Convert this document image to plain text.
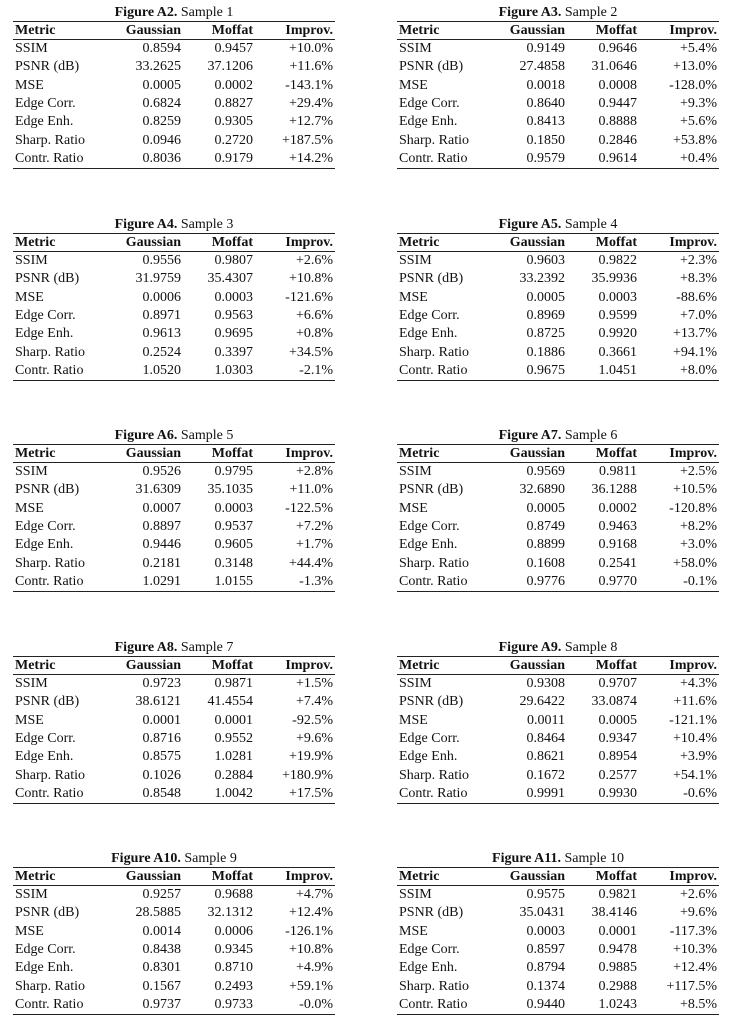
Figure A2. Sample 1
Metric	Gaussian	Moffat	Improv.
SSIM	0.8594	0.9457	+10.0%
PSNR (dB)	33.2625	37.1206	+11.6%
MSE	0.0005	0.0002	-143.1%
Edge Corr.	0.6824	0.8827	+29.4%
Edge Enh.	0.8259	0.9305	+12.7%
Sharp. Ratio	0.0946	0.2720	+187.5%
Contr. Ratio	0.8036	0.9179	+14.2%
Figure A3. Sample 2
Metric	Gaussian	Moffat	Improv.
SSIM	0.9149	0.9646	+5.4%
PSNR (dB)	27.4858	31.0646	+13.0%
MSE	0.0018	0.0008	-128.0%
Edge Corr.	0.8640	0.9447	+9.3%
Edge Enh.	0.8413	0.8888	+5.6%
Sharp. Ratio	0.1850	0.2846	+53.8%
Contr. Ratio	0.9579	0.9614	+0.4%
Figure A4. Sample 3
Metric	Gaussian	Moffat	Improv.
SSIM	0.9556	0.9807	+2.6%
PSNR (dB)	31.9759	35.4307	+10.8%
MSE	0.0006	0.0003	-121.6%
Edge Corr.	0.8971	0.9563	+6.6%
Edge Enh.	0.9613	0.9695	+0.8%
Sharp. Ratio	0.2524	0.3397	+34.5%
Contr. Ratio	1.0520	1.0303	-2.1%
Figure A5. Sample 4
Metric	Gaussian	Moffat	Improv.
SSIM	0.9603	0.9822	+2.3%
PSNR (dB)	33.2392	35.9936	+8.3%
MSE	0.0005	0.0003	-88.6%
Edge Corr.	0.8969	0.9599	+7.0%
Edge Enh.	0.8725	0.9920	+13.7%
Sharp. Ratio	0.1886	0.3661	+94.1%
Contr. Ratio	0.9675	1.0451	+8.0%
Figure A6. Sample 5
Metric	Gaussian	Moffat	Improv.
SSIM	0.9526	0.9795	+2.8%
PSNR (dB)	31.6309	35.1035	+11.0%
MSE	0.0007	0.0003	-122.5%
Edge Corr.	0.8897	0.9537	+7.2%
Edge Enh.	0.9446	0.9605	+1.7%
Sharp. Ratio	0.2181	0.3148	+44.4%
Contr. Ratio	1.0291	1.0155	-1.3%
Figure A7. Sample 6
Metric	Gaussian	Moffat	Improv.
SSIM	0.9569	0.9811	+2.5%
PSNR (dB)	32.6890	36.1288	+10.5%
MSE	0.0005	0.0002	-120.8%
Edge Corr.	0.8749	0.9463	+8.2%
Edge Enh.	0.8899	0.9168	+3.0%
Sharp. Ratio	0.1608	0.2541	+58.0%
Contr. Ratio	0.9776	0.9770	-0.1%
Figure A8. Sample 7
Metric	Gaussian	Moffat	Improv.
SSIM	0.9723	0.9871	+1.5%
PSNR (dB)	38.6121	41.4554	+7.4%
MSE	0.0001	0.0001	-92.5%
Edge Corr.	0.8716	0.9552	+9.6%
Edge Enh.	0.8575	1.0281	+19.9%
Sharp. Ratio	0.1026	0.2884	+180.9%
Contr. Ratio	0.8548	1.0042	+17.5%
Figure A9. Sample 8
Metric	Gaussian	Moffat	Improv.
SSIM	0.9308	0.9707	+4.3%
PSNR (dB)	29.6422	33.0874	+11.6%
MSE	0.0011	0.0005	-121.1%
Edge Corr.	0.8464	0.9347	+10.4%
Edge Enh.	0.8621	0.8954	+3.9%
Sharp. Ratio	0.1672	0.2577	+54.1%
Contr. Ratio	0.9991	0.9930	-0.6%
Figure A10. Sample 9
Metric	Gaussian	Moffat	Improv.
SSIM	0.9257	0.9688	+4.7%
PSNR (dB)	28.5885	32.1312	+12.4%
MSE	0.0014	0.0006	-126.1%
Edge Corr.	0.8438	0.9345	+10.8%
Edge Enh.	0.8301	0.8710	+4.9%
Sharp. Ratio	0.1567	0.2493	+59.1%
Contr. Ratio	0.9737	0.9733	-0.0%
Figure A11. Sample 10
Metric	Gaussian	Moffat	Improv.
SSIM	0.9575	0.9821	+2.6%
PSNR (dB)	35.0431	38.4146	+9.6%
MSE	0.0003	0.0001	-117.3%
Edge Corr.	0.8597	0.9478	+10.3%
Edge Enh.	0.8794	0.9885	+12.4%
Sharp. Ratio	0.1374	0.2988	+117.5%
Contr. Ratio	0.9440	1.0243	+8.5%
